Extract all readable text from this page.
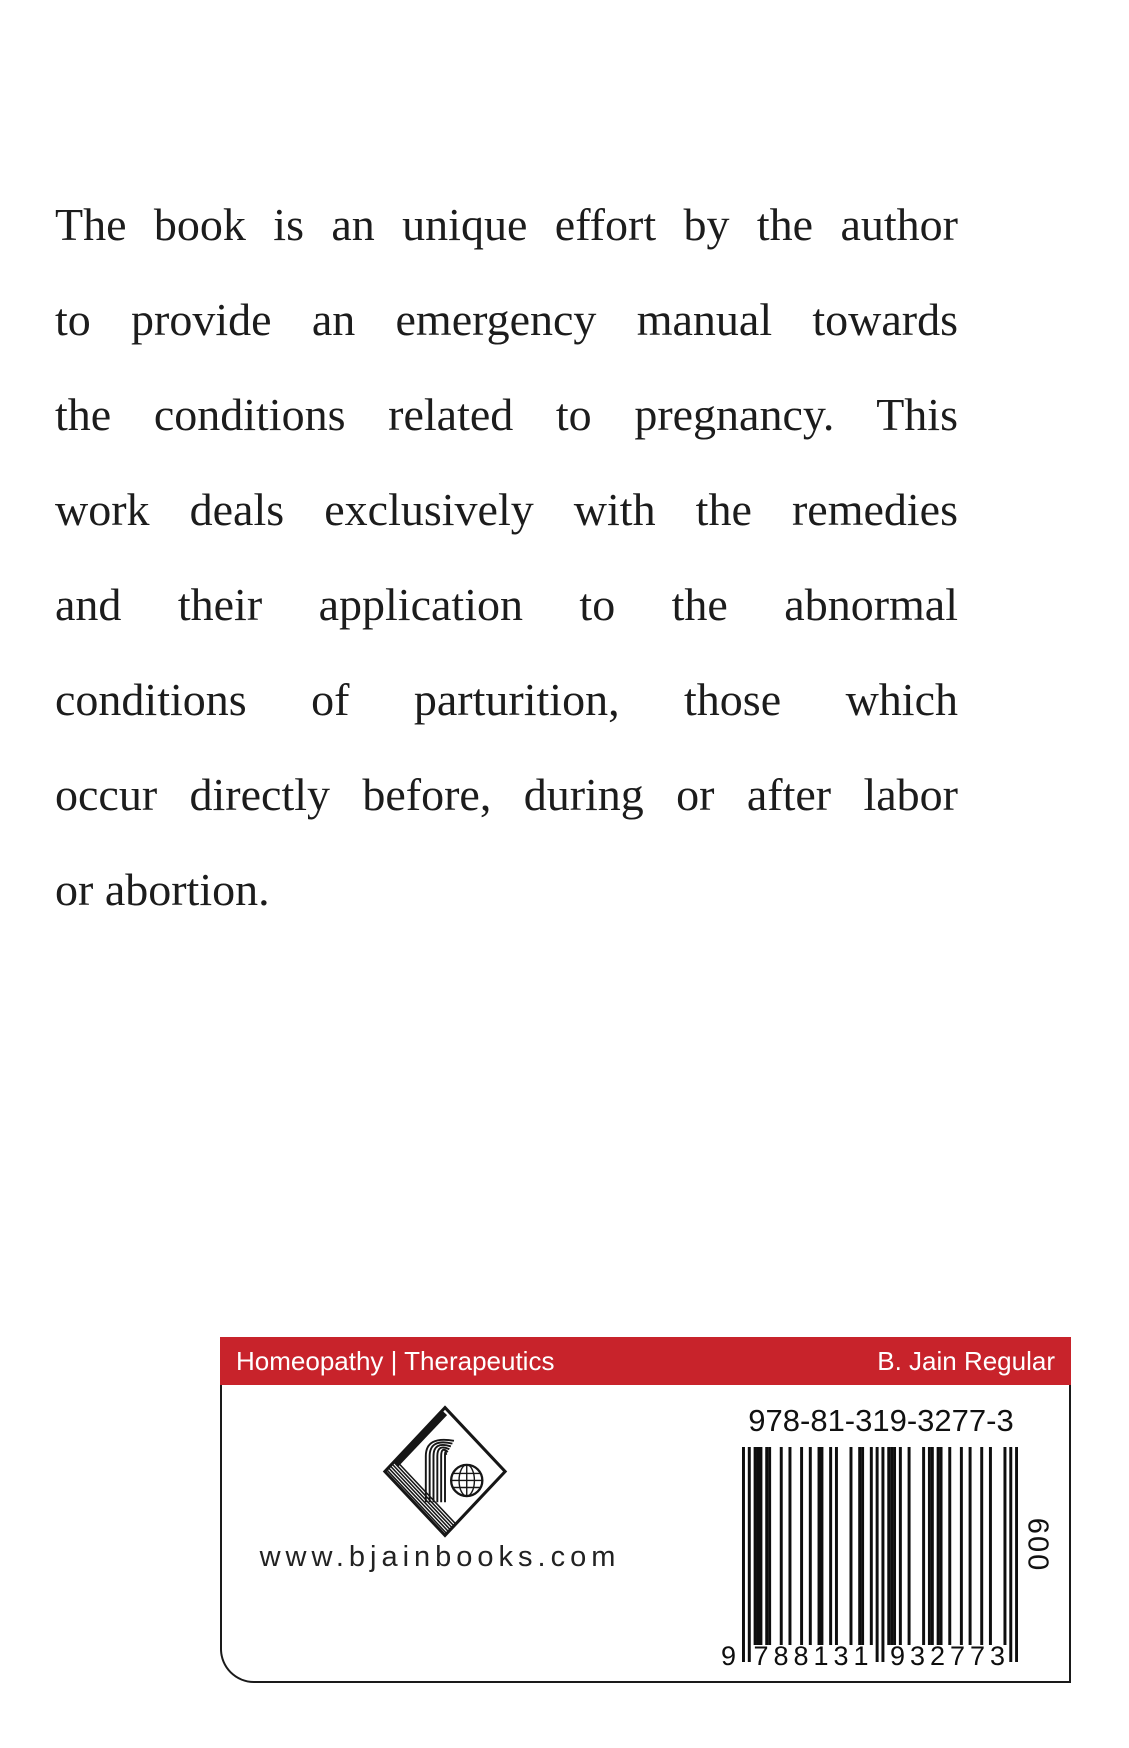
The book is an unique effort by the author
to provide an emergency manual towards
the conditions related to pregnancy. This
work deals exclusively with the remedies
and their application to the abnormal
conditions of parturition, those which
occur directly before, during or after labor
or abortion.
Homeopathy | Therapeutics	B. Jain Regular
www.bjainbooks.com
978-81-319-3277-3
9 788131 932773
009
